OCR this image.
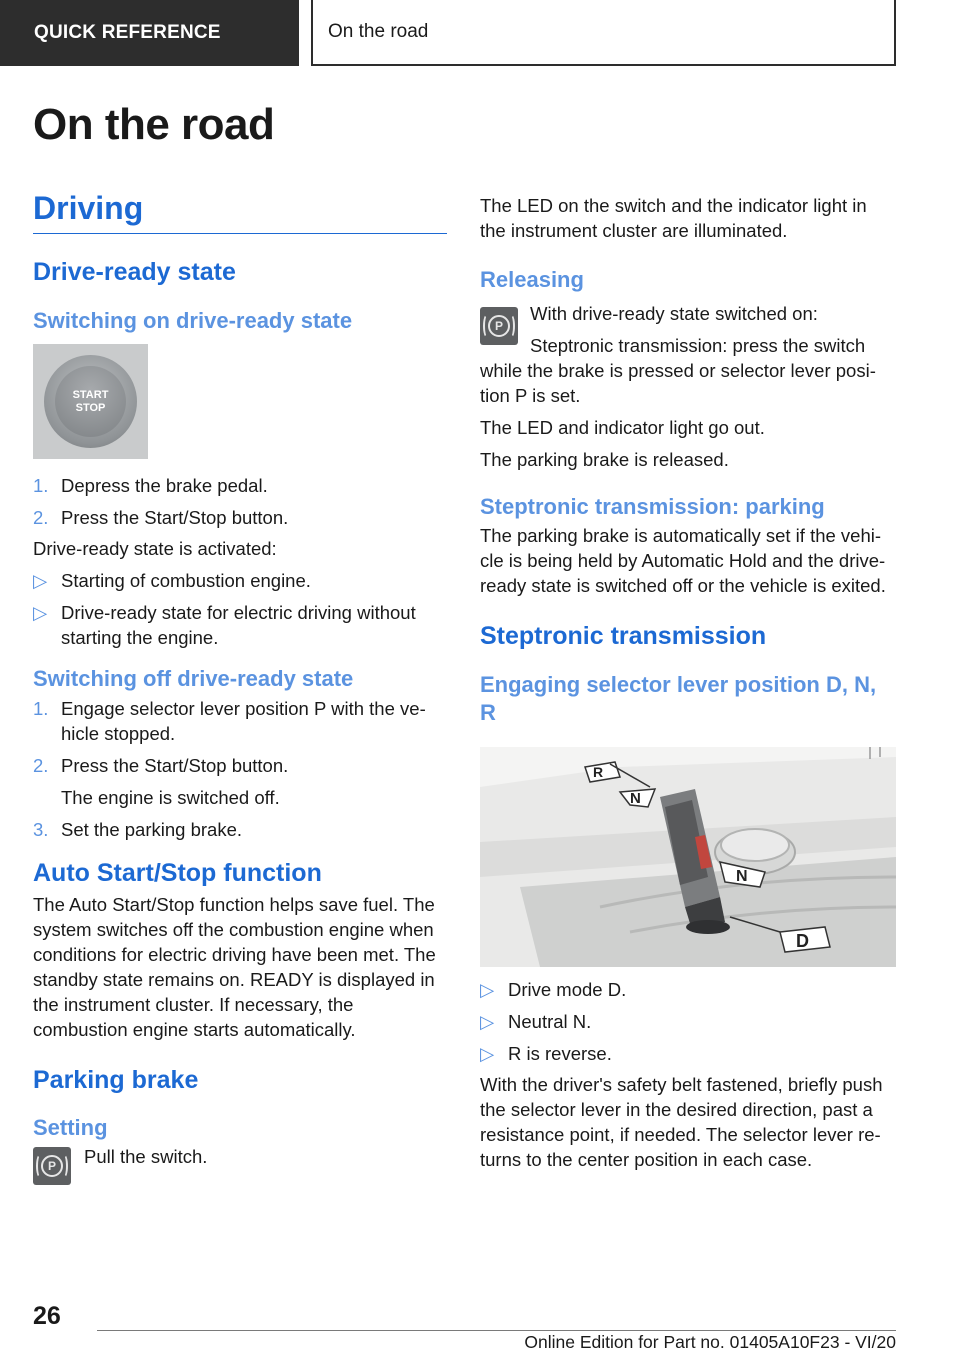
QUICK REFERENCE	On the road
On the road
Driving
Drive-ready state
Switching on drive-ready state
START
STOP
1. Depress the brake pedal.
2. Press the Start/Stop button.

Drive-ready state is activated:

▷ Starting of combustion engine.
▷ Drive-ready state for electric driving without starting the engine.
Switching off drive-ready state
1. Engage selector lever position P with the vehicle stopped.
2. Press the Start/Stop button.
The engine is switched off.
3. Set the parking brake.
Auto Start/Stop function

The Auto Start/Stop function helps save fuel. The system switches off the combustion engine when conditions for electric driving have been met. The standby state remains on. READY is displayed in the instrument cluster. If necessary, the combustion engine starts automatically.

Parking brake
Setting
P	Pull the switch.

The LED on the switch and the indicator light in the instrument cluster are illuminated.

Releasing
P

With drive-ready state switched on:

Steptronic transmission: press the switch while the brake is pressed or selector lever position P is set.

The LED and indicator light go out.

The parking brake is released.

Steptronic transmission: parking

The parking brake is automatically set if the vehicle is being held by Automatic Hold and the drive-ready state is switched off or the vehicle is exited.

Steptronic transmission
Engaging selector lever position D, N, R
R
N
N
D
▷ Drive mode D.
▷ Neutral N.
▷ R is reverse.

With the driver's safety belt fastened, briefly push the selector lever in the desired direction, past a resistance point, if needed. The selector lever returns to the center position in each case.

26
Online Edition for Part no. 01405A10F23 - VI/20
